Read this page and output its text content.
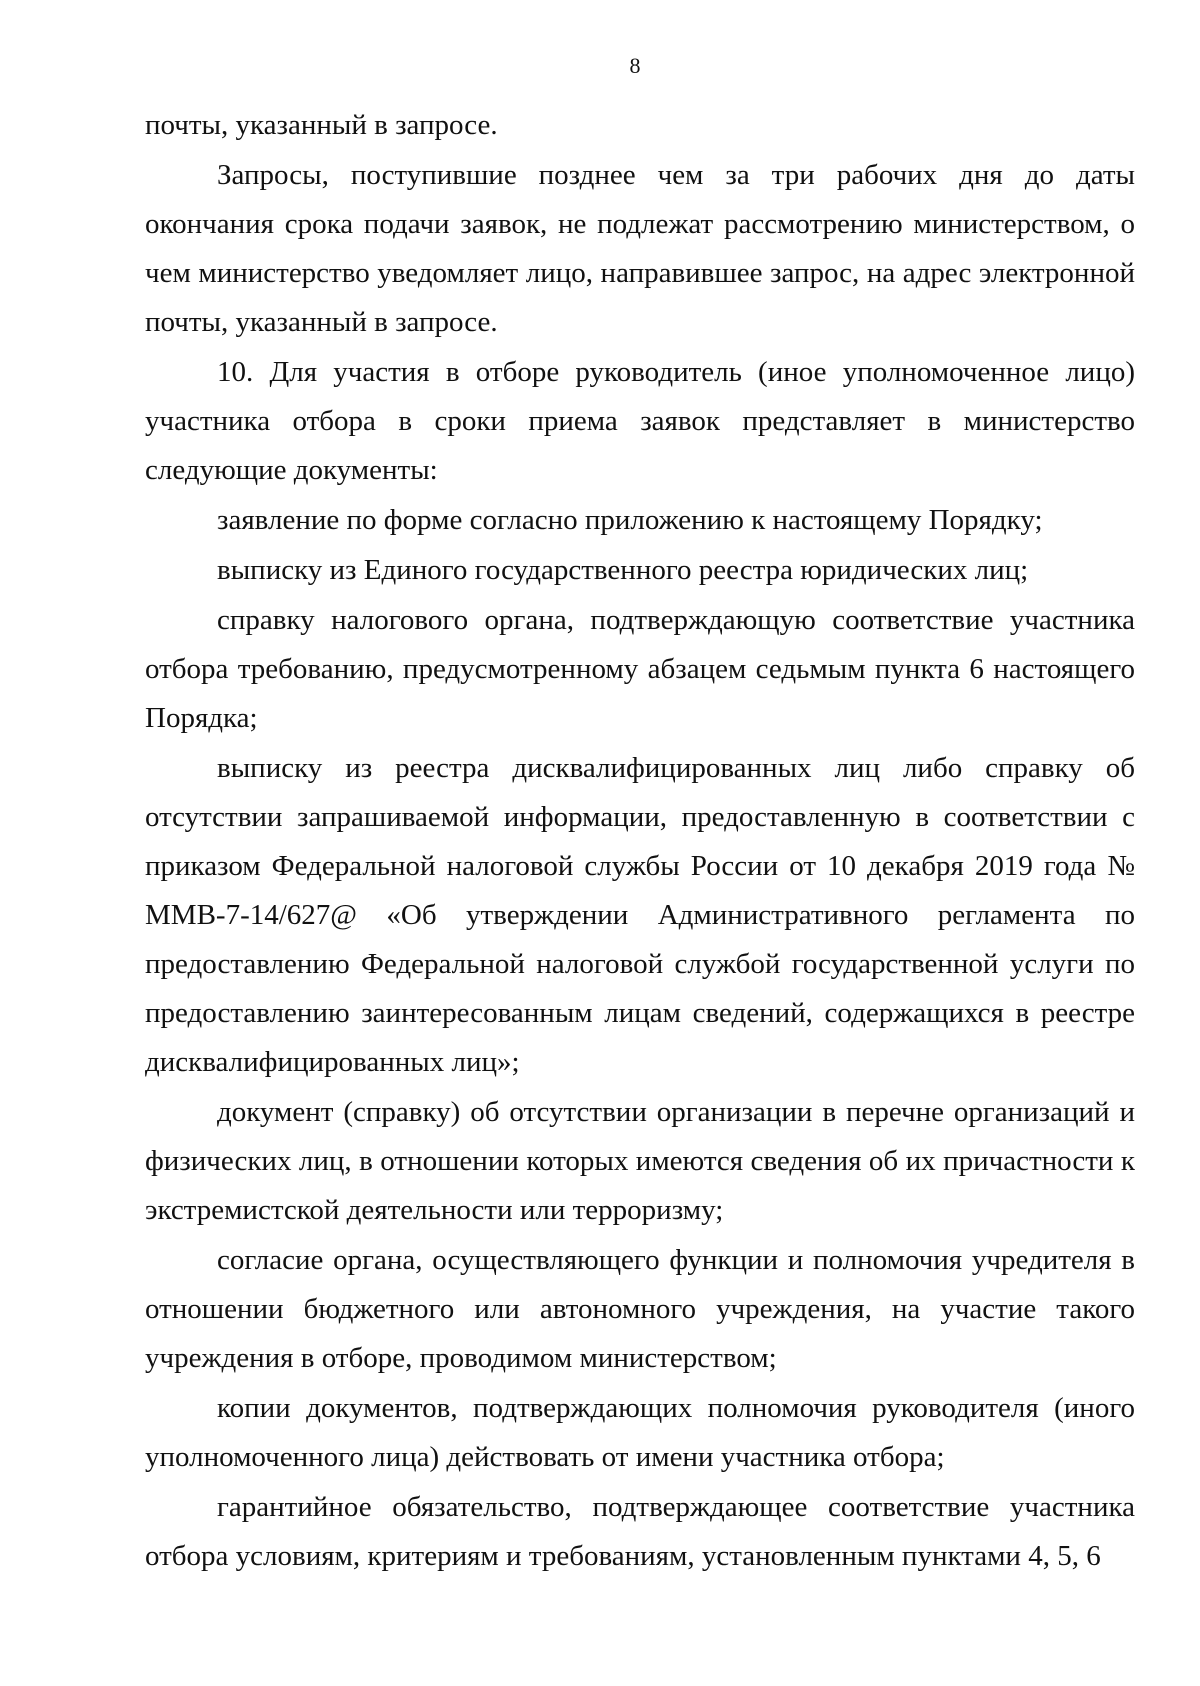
8

почты, указанный в запросе.

Запросы, поступившие позднее чем за три рабочих дня до даты окончания срока подачи заявок, не подлежат рассмотрению министерством, о чем министерство уведомляет лицо, направившее запрос, на адрес электронной почты, указанный в запросе.

10. Для участия в отборе руководитель (иное уполномоченное лицо) участника отбора в сроки приема заявок представляет в министерство следующие документы:

заявление по форме согласно приложению к настоящему Порядку;

выписку из Единого государственного реестра юридических лиц;

справку налогового органа, подтверждающую соответствие участника отбора требованию, предусмотренному абзацем седьмым пункта 6 настоящего Порядка;

выписку из реестра дисквалифицированных лиц либо справку об отсутствии запрашиваемой информации, предоставленную в соответствии с приказом Федеральной налоговой службы России от 10 декабря 2019 года № ММВ-7-14/627@ «Об утверждении Административного регламента по предоставлению Федеральной налоговой службой государственной услуги по предоставлению заинтересованным лицам сведений, содержащихся в реестре дисквалифицированных лиц»;

документ (справку) об отсутствии организации в перечне организаций и физических лиц, в отношении которых имеются сведения об их причастности к экстремистской деятельности или терроризму;

согласие органа, осуществляющего функции и полномочия учредителя в отношении бюджетного или автономного учреждения, на участие такого учреждения в отборе, проводимом министерством;

копии документов, подтверждающих полномочия руководителя (иного уполномоченного лица) действовать от имени участника отбора;

гарантийное обязательство, подтверждающее соответствие участника отбора условиям, критериям и требованиям, установленным пунктами 4, 5, 6
